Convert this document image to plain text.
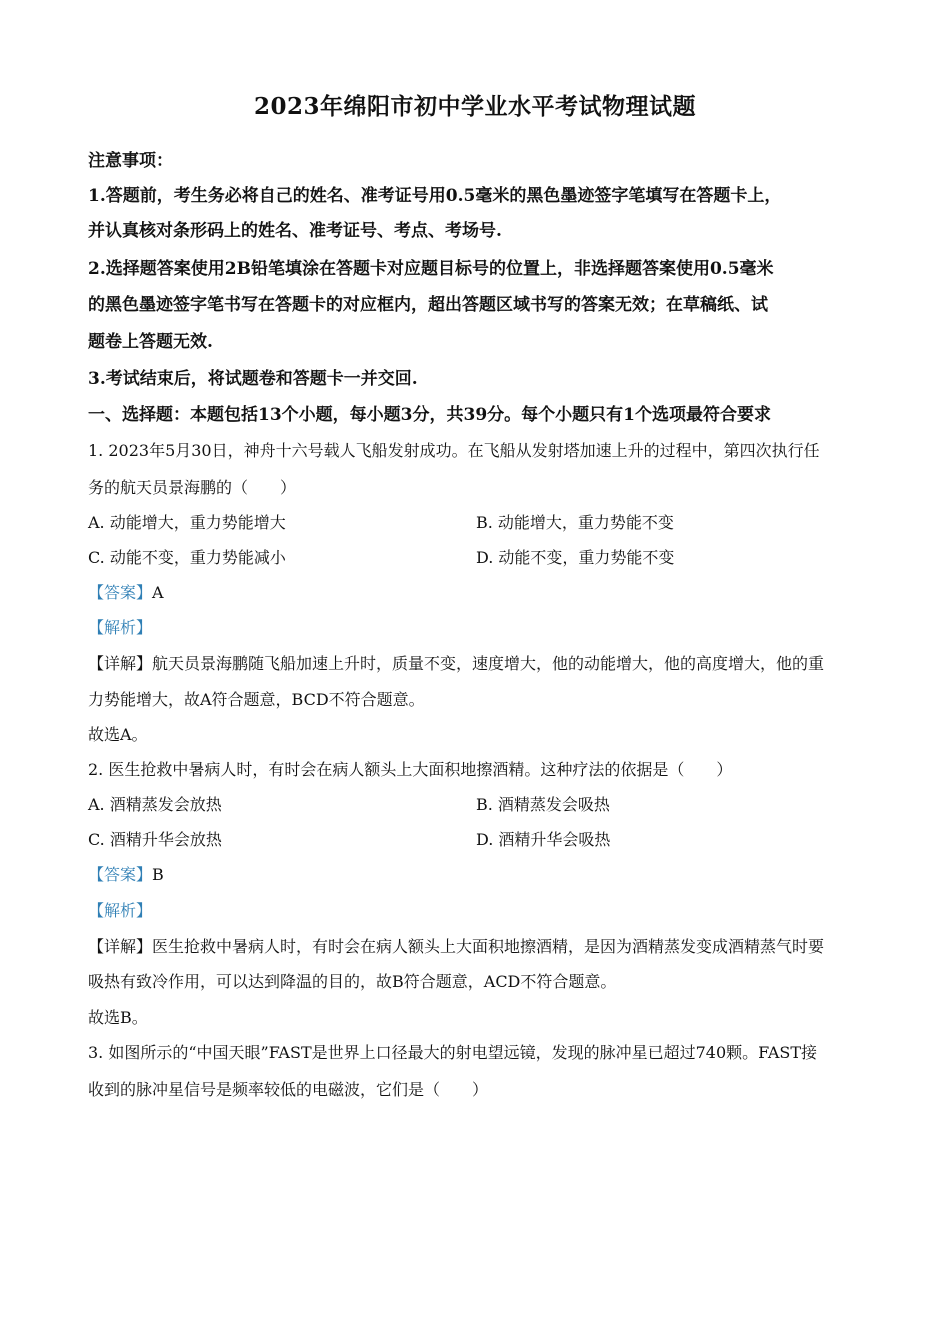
2023年绵阳市初中学业水平考试物理试题
注意事项：
1.答题前，考生务必将自己的姓名、准考证号用0.5毫米的黑色墨迹签字笔填写在答题卡上，
并认真核对条形码上的姓名、准考证号、考点、考场号.
2.选择题答案使用2B铅笔填涂在答题卡对应题目标号的位置上，非选择题答案使用0.5毫米
的黑色墨迹签字笔书写在答题卡的对应框内，超出答题区域书写的答案无效；在草稿纸、试
题卷上答题无效.
3.考试结束后，将试题卷和答题卡一并交回.
一、选择题：本题包括13个小题，每小题3分，共39分。每个小题只有1个选项最符合要求
1. 2023年5月30日，神舟十六号载人飞船发射成功。在飞船从发射塔加速上升的过程中，第四次执行任
务的航天员景海鹏的（　　）
A. 动能增大，重力势能增大	B. 动能增大，重力势能不变
C. 动能不变，重力势能减小	D. 动能不变，重力势能不变
【答案】A
【解析】
【详解】航天员景海鹏随飞船加速上升时，质量不变，速度增大，他的动能增大，他的高度增大，他的重
力势能增大，故A符合题意，BCD不符合题意。
故选A。
2. 医生抢救中暑病人时，有时会在病人额头上大面积地擦酒精。这种疗法的依据是（　　）
A. 酒精蒸发会放热	B. 酒精蒸发会吸热
C. 酒精升华会放热	D. 酒精升华会吸热
【答案】B
【解析】
【详解】医生抢救中暑病人时，有时会在病人额头上大面积地擦酒精，是因为酒精蒸发变成酒精蒸气时要
吸热有致冷作用，可以达到降温的目的，故B符合题意，ACD不符合题意。
故选B。
3. 如图所示的“中国天眼”FAST是世界上口径最大的射电望远镜，发现的脉冲星已超过740颗。FAST接
收到的脉冲星信号是频率较低的电磁波，它们是（　　）
